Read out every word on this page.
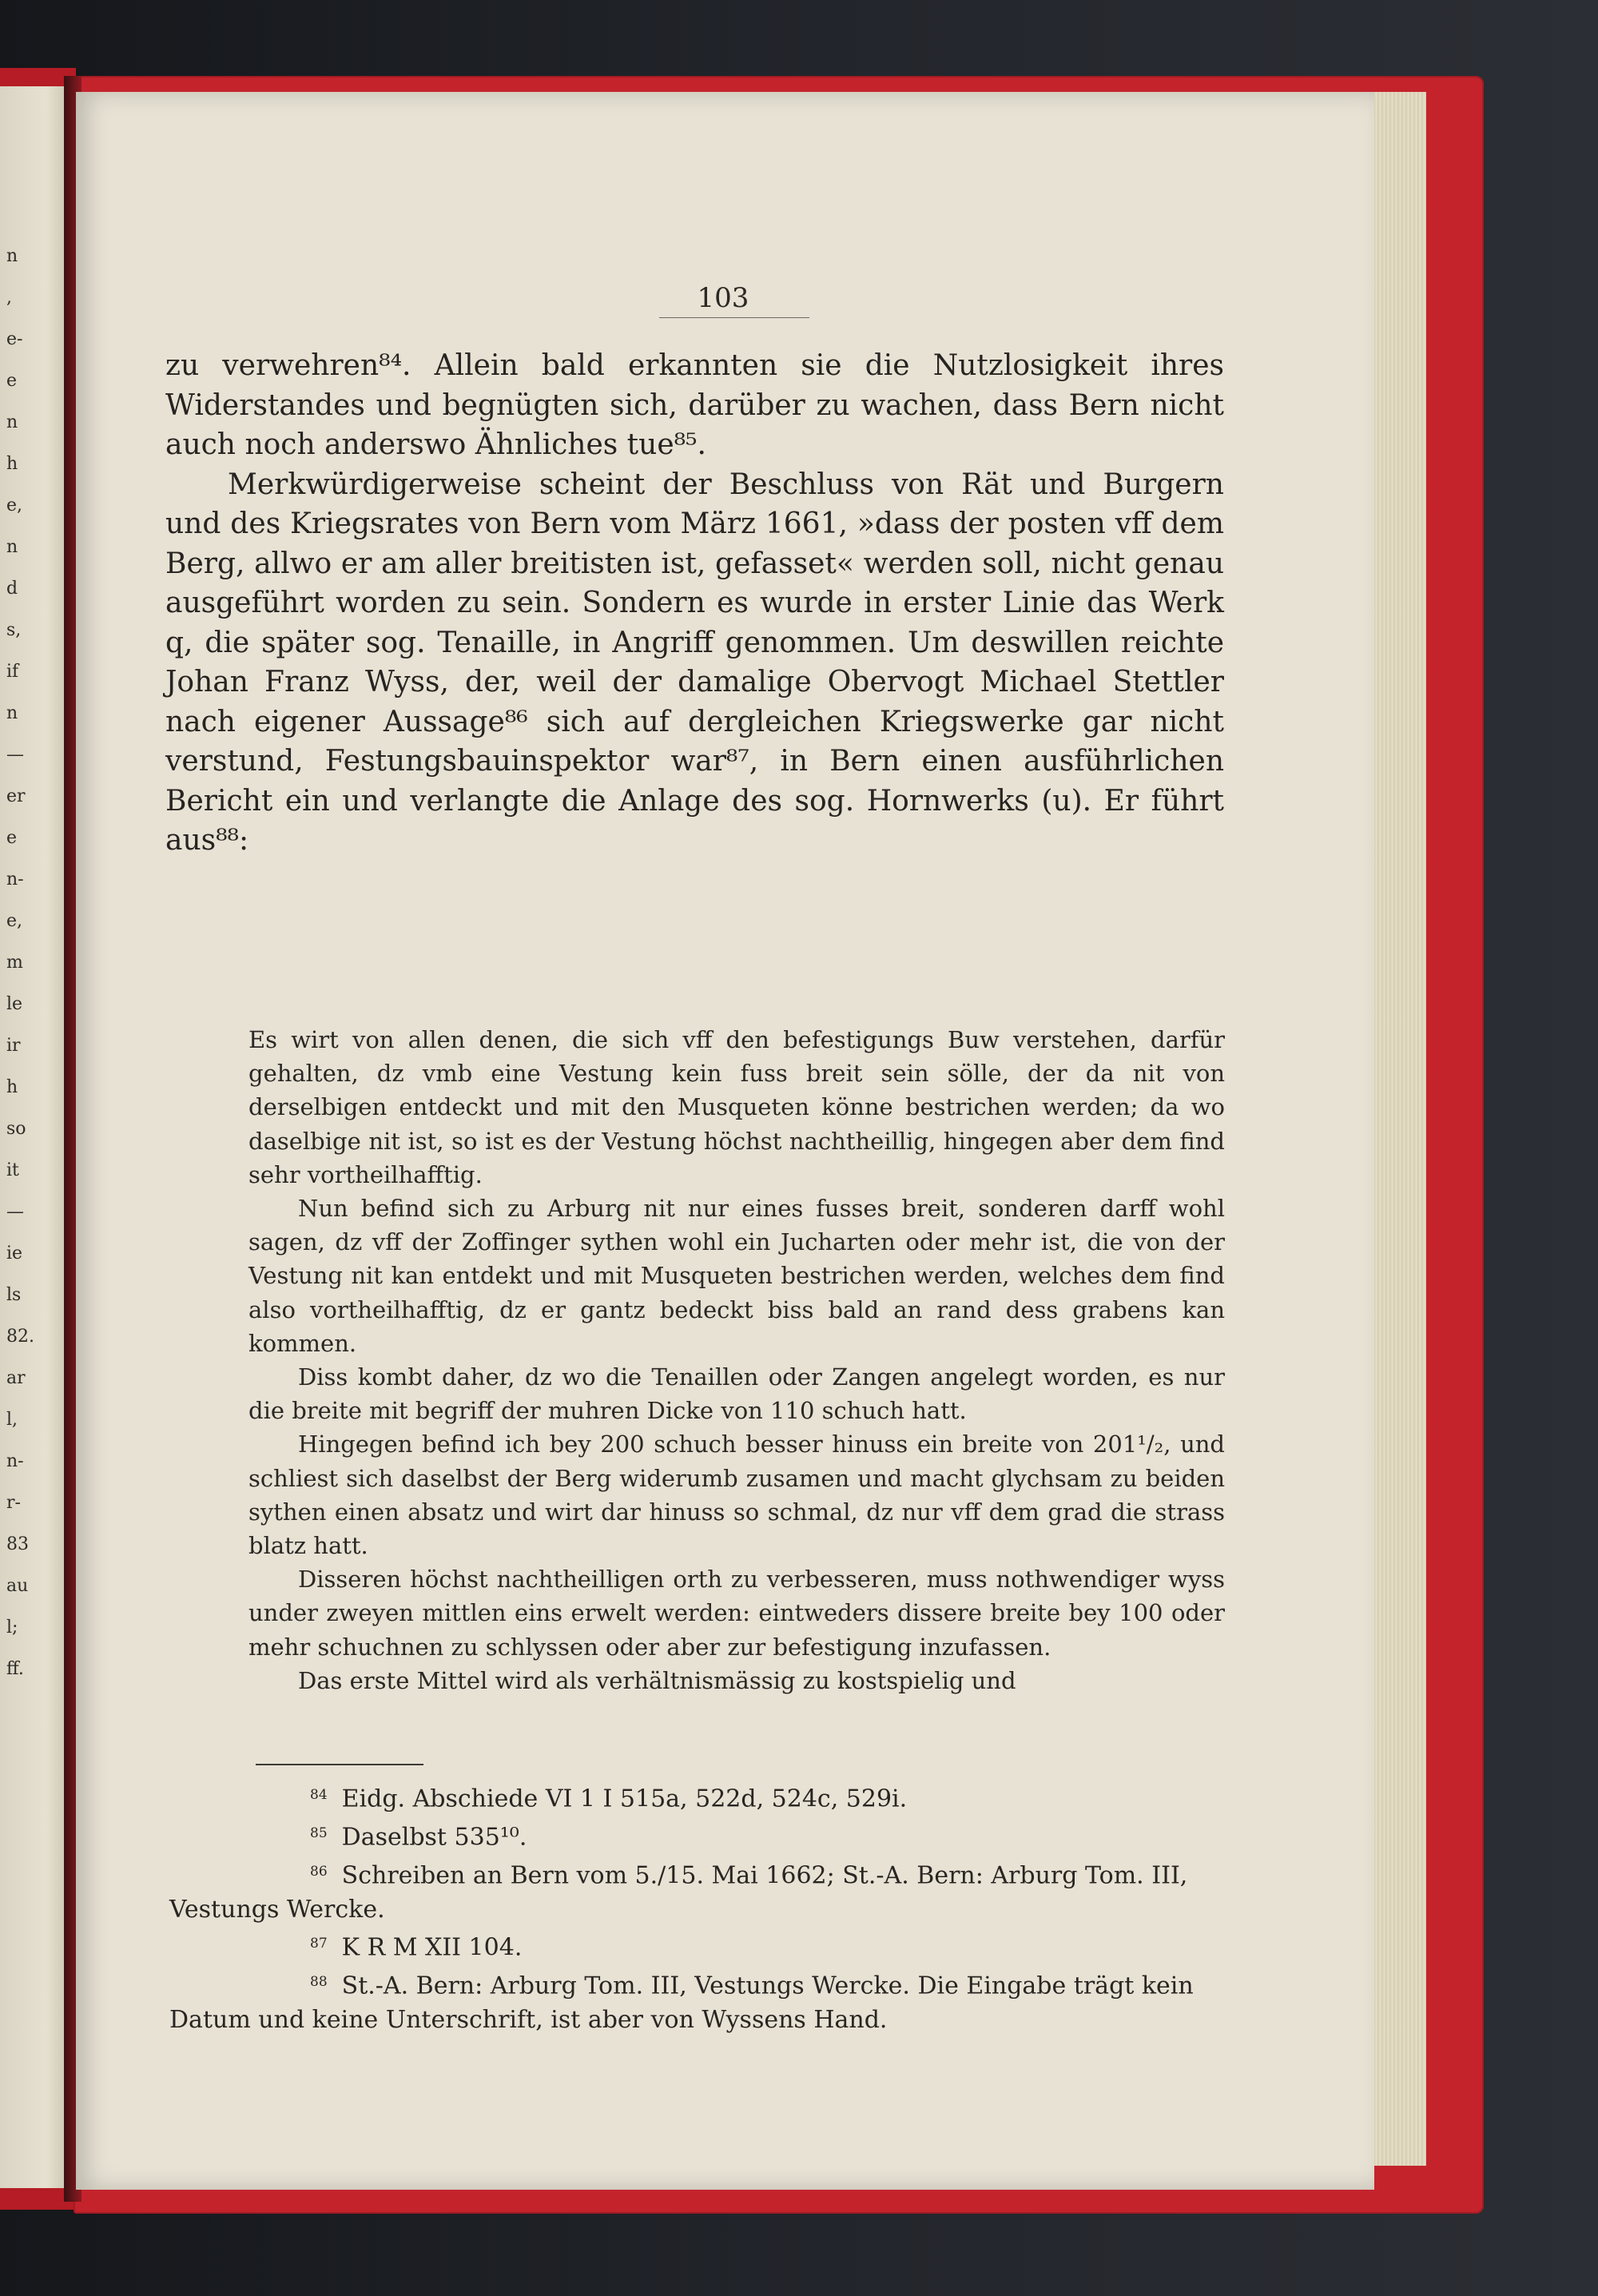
n
,
e-
e
n
h
e,
n
d
s,
if
n
—
er
e
n-
e,
m
le
ir
h
so
it
—
ie
ls
82.
ar
l,
n-
r-
83
au
l;
ff.
103

zu verwehren⁸⁴. Allein bald erkannten sie die Nutzlosigkeit ihres Widerstandes und begnügten sich, darüber zu wachen, dass Bern nicht auch noch anderswo Ähnliches tue⁸⁵.

Merkwürdigerweise scheint der Beschluss von Rät und Burgern und des Kriegsrates von Bern vom März 1661, »dass der posten vff dem Berg, allwo er am aller breitisten ist, gefasset« werden soll, nicht genau ausgeführt worden zu sein. Sondern es wurde in erster Linie das Werk q, die später sog. Tenaille, in Angriff genommen. Um deswillen reichte Johan Franz Wyss, der, weil der damalige Obervogt Michael Stettler nach eigener Aussage⁸⁶ sich auf dergleichen Kriegswerke gar nicht verstund, Festungsbauinspektor war⁸⁷, in Bern einen ausführlichen Bericht ein und verlangte die Anlage des sog. Hornwerks (u). Er führt aus⁸⁸:

Es wirt von allen denen, die sich vff den befestigungs Buw verstehen, darfür gehalten, dz vmb eine Vestung kein fuss breit sein sölle, der da nit von derselbigen entdeckt und mit den Musqueten könne bestrichen werden; da wo daselbige nit ist, so ist es der Vestung höchst nachtheillig, hingegen aber dem find sehr vortheilhafftig.

Nun befind sich zu Arburg nit nur eines fusses breit, sonderen darff wohl sagen, dz vff der Zoffinger sythen wohl ein Jucharten oder mehr ist, die von der Vestung nit kan entdekt und mit Musqueten bestrichen werden, welches dem find also vortheilhafftig, dz er gantz bedeckt biss bald an rand dess grabens kan kommen.

Diss kombt daher, dz wo die Tenaillen oder Zangen angelegt worden, es nur die breite mit begriff der muhren Dicke von 110 schuch hatt.

Hingegen befind ich bey 200 schuch besser hinuss ein breite von 201¹/₂, und schliest sich daselbst der Berg widerumb zusamen und macht glychsam zu beiden sythen einen absatz und wirt dar hinuss so schmal, dz nur vff dem grad die strass blatz hatt.

Disseren höchst nachtheilligen orth zu verbesseren, muss nothwendiger wyss under zweyen mittlen eins erwelt werden: eintweders dissere breite bey 100 oder mehr schuchnen zu schlyssen oder aber zur befestigung inzufassen.

Das erste Mittel wird als verhältnismässig zu kostspielig und

$^{84}$ Eidg. Abschiede VI 1 I 515a, 522d, 524c, 529i.

$^{85}$ Daselbst 535¹⁰.

$^{86}$ Schreiben an Bern vom 5./15. Mai 1662; St.-A. Bern: Arburg Tom. III, Vestungs Wercke.

$^{87}$ K R M XII 104.

$^{88}$ St.-A. Bern: Arburg Tom. III, Vestungs Wercke. Die Eingabe trägt kein Datum und keine Unterschrift, ist aber von Wyssens Hand.
